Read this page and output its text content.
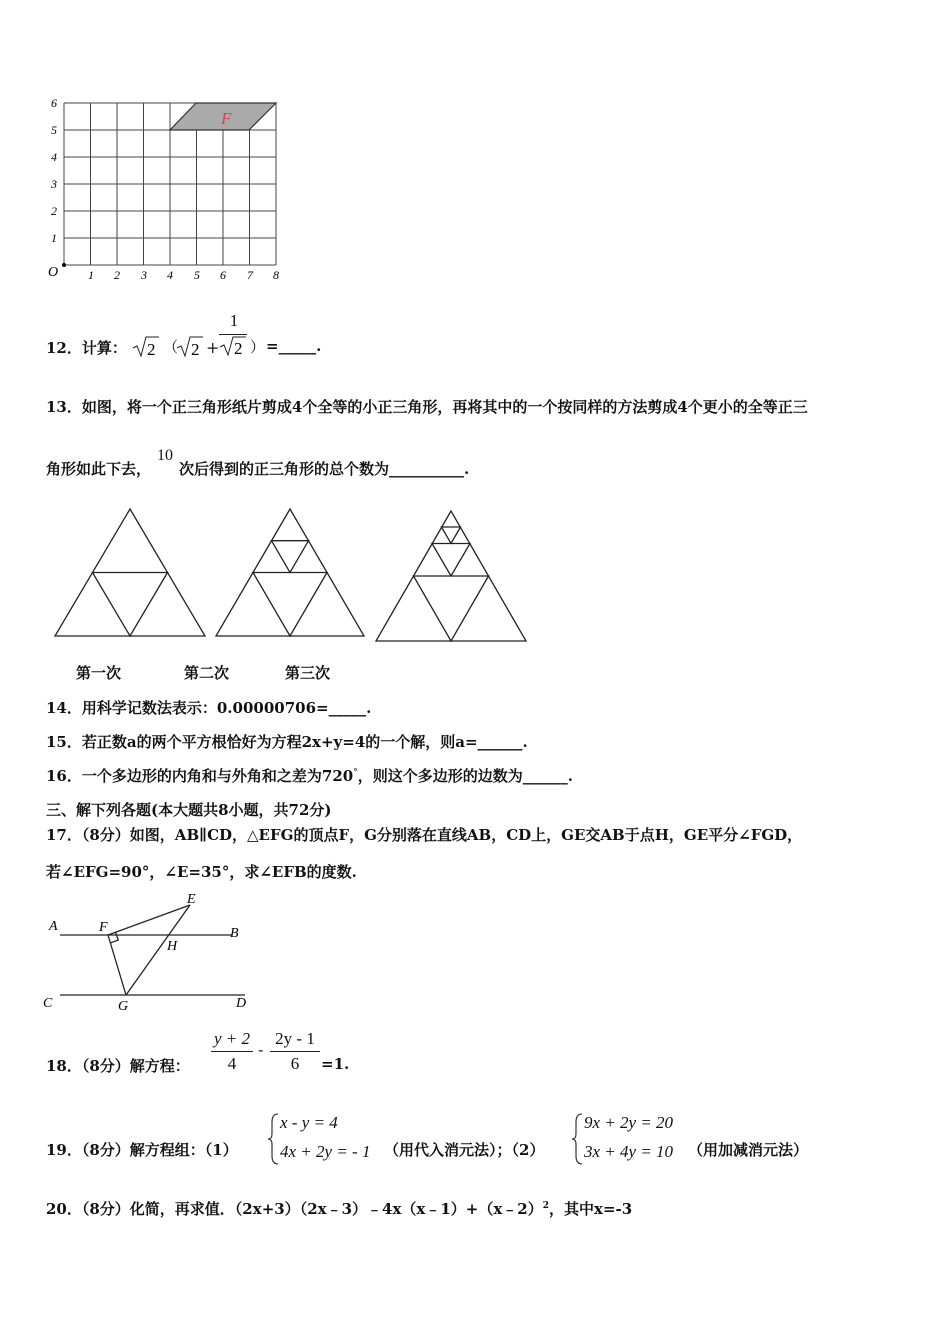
F
O 1 2 3 4 5 6 7 8
1
2
3
4
5
6
12．计算： 2 （ 2 +
1
2 ） =_____.
13．如图，将一个正三角形纸片剪成4个全等的小正三角形，再将其中的一个按同样的方法剪成4个更小的全等正三
角形如此下去，10次后得到的正三角形的总个数为__________.
第一次	第二次	第三次
14．用科学记数法表示：0.00000706=_____.
15．若正数a的两个平方根恰好为方程2x+y=4的一个解，则a=______.
16．一个多边形的内角和与外角和之差为720°，则这个多边形的边数为______.
三、解下列各题(本大题共8小题，共72分)
17．（8分）如图，AB∥CD，△EFG的顶点F，G分别落在直线AB，CD上，GE交AB于点H，GE平分∠FGD，
若∠EFG=90°，∠E=35°，求∠EFB的度数.
A	B
C	D
E
F
G
H
18．（8分）解方程：
y + 2
4
-
2y - 1
6	=1.
19．（8分）解方程组：（1）
x - y = 4
4x + 2y = - 1 （用代入消元法）；（2）
9x + 2y = 20
3x + 4y = 10 （用加减消元法）
20．（8分）化简，再求值．（2x+3）（2x﹣3）﹣4x（x﹣1）+（x﹣2）$^2$，其中x=-3
